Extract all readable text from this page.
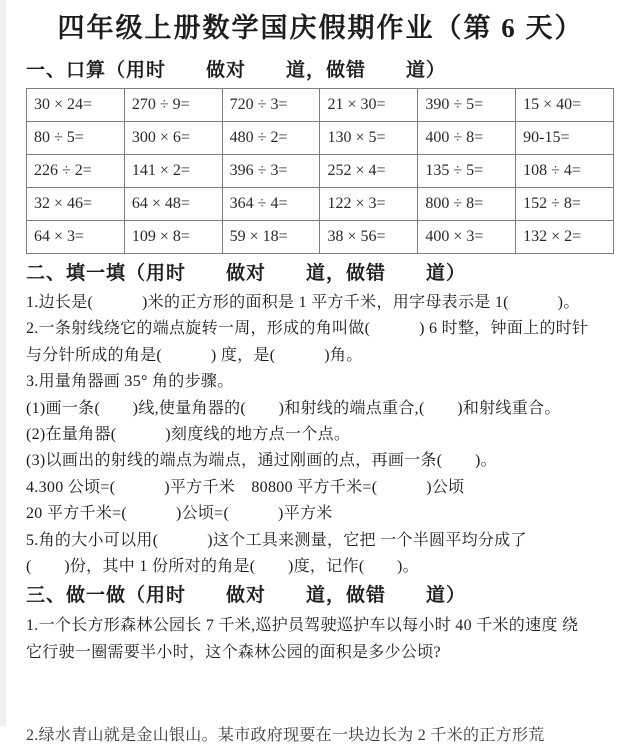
四年级上册数学国庆假期作业（第 6 天）
一、口算（用时　　做对　　道，做错　　道）
30 × 24=	270 ÷ 9=	720 ÷ 3=	21 × 30=	390 ÷ 5=	15 × 40=
80 ÷ 5=	300 × 6=	480 ÷ 2=	130 × 5=	400 ÷ 8=	90-15=
226 ÷ 2=	141 × 2=	396 ÷ 3=	252 × 4=	135 ÷ 5=	108 ÷ 4=
32 × 46=	64 × 48=	364 ÷ 4=	122 × 3=	800 ÷ 8=	152 ÷ 8=
64 × 3=	109 × 8=	59 × 18=	38 × 56=	400 × 3=	132 × 2=
二、填一填（用时　　做对　　道，做错　　道）

1.边长是(　　　)米的正方形的面积是 1 平方千米，用字母表示是 1(　　　)。

2.一条射线绕它的端点旋转一周，形成的角叫做(　　　) 6 时整，钟面上的时针

与分针所成的角是(　　　) 度，是(　　　)角。

3.用量角器画 35° 角的步骤。

(1)画一条(　　)线,使量角器的(　　)和射线的端点重合,(　　)和射线重合。

(2)在量角器(　　　)刻度线的地方点一个点。

(3)以画出的射线的端点为端点，通过刚画的点，再画一条(　　)。

4.300 公顷=(　　　)平方千米　80800 平方千米=(　　　)公顷

20 平方千米=(　　　)公顷=(　　　)平方米

5.角的大小可以用(　　　)这个工具来测量，它把 一个半圆平均分成了

(　　)份，其中 1 份所对的角是(　　)度，记作(　　)。

三、做一做（用时　　做对　　道，做错　　道）

1.一个长方形森林公园长 7 千米,巡护员驾驶巡护车以每小时 40 千米的速度 绕

它行驶一圈需要半小时，这个森林公园的面积是多少公顷?

2.绿水青山就是金山银山。某市政府现要在一块边长为 2 千米的正方形荒
